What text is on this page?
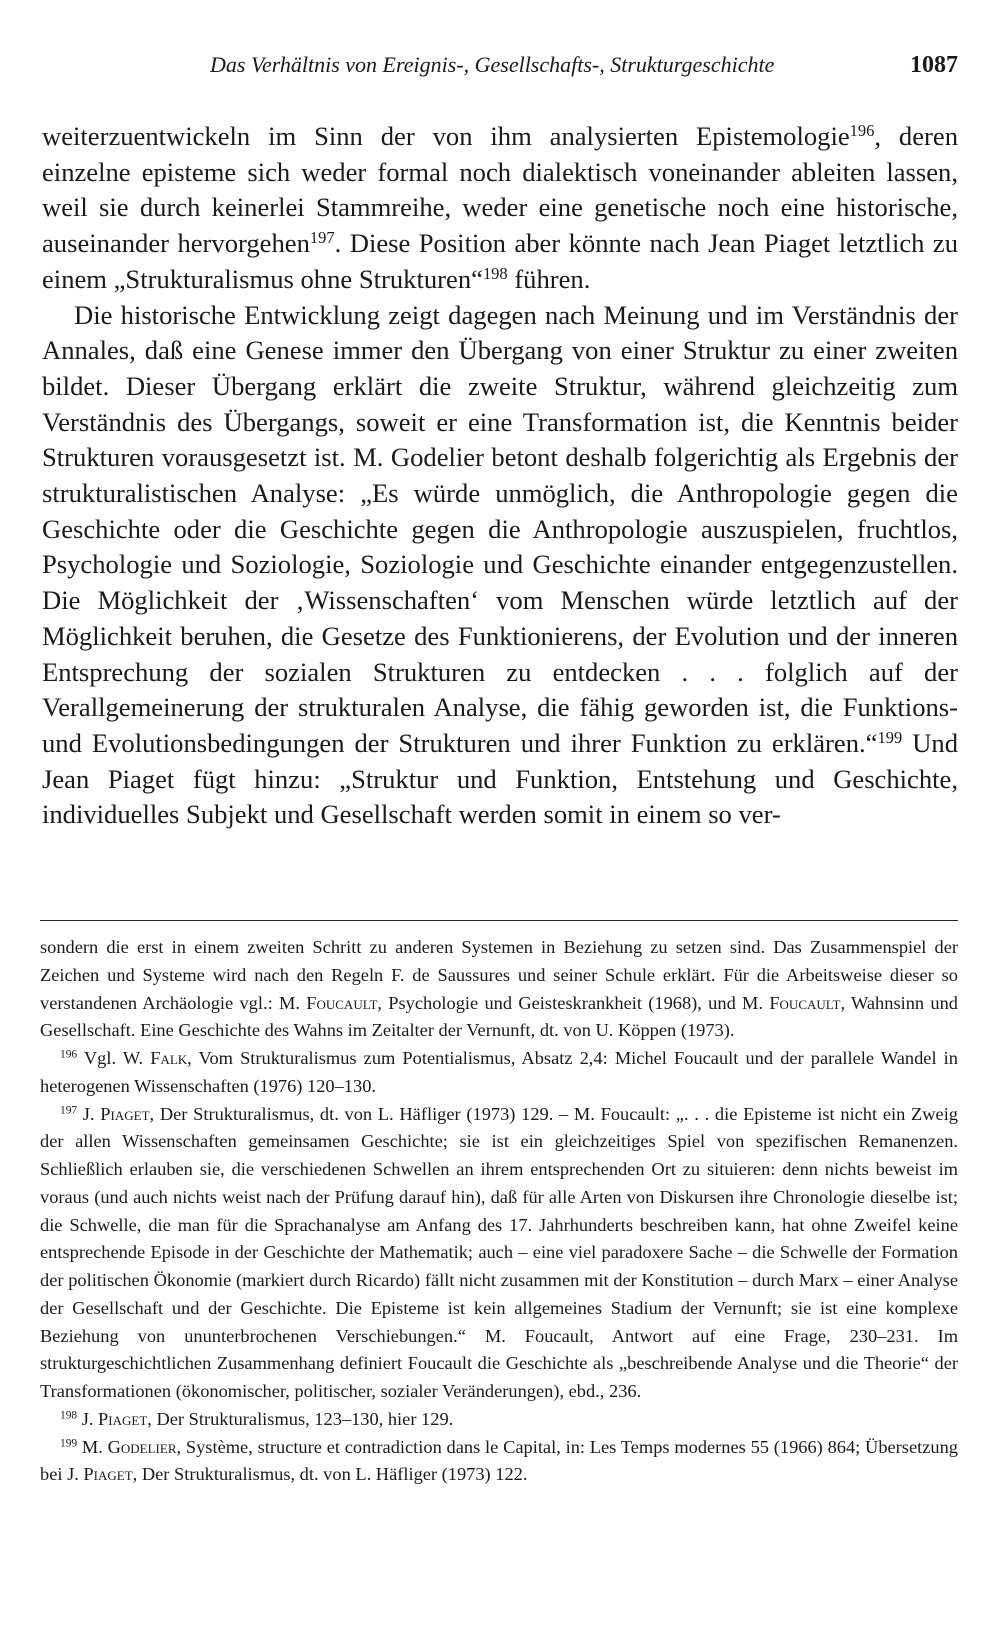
Das Verhältnis von Ereignis-, Gesellschafts-, Strukturgeschichte	1087

weiterzuentwickeln im Sinn der von ihm analysierten Epistemologie$^{196}$, deren einzelne episteme sich weder formal noch dialektisch voneinander ableiten lassen, weil sie durch keinerlei Stammreihe, weder eine genetische noch eine historische, auseinander hervorgehen$^{197}$. Diese Position aber könnte nach Jean Piaget letztlich zu einem „Strukturalismus ohne Strukturen“$^{198}$ führen.

Die historische Entwicklung zeigt dagegen nach Meinung und im Verständnis der Annales, daß eine Genese immer den Übergang von einer Struktur zu einer zweiten bildet. Dieser Übergang erklärt die zweite Struktur, während gleichzeitig zum Verständnis des Übergangs, soweit er eine Transformation ist, die Kenntnis beider Strukturen vorausgesetzt ist. M. Godelier betont deshalb folgerichtig als Ergebnis der strukturalistischen Analyse: „Es würde unmöglich, die Anthropologie gegen die Geschichte oder die Geschichte gegen die Anthropologie auszuspielen, fruchtlos, Psychologie und Soziologie, Soziologie und Geschichte einander entgegenzustellen. Die Möglichkeit der ‚Wissenschaften‘ vom Menschen würde letztlich auf der Möglichkeit beruhen, die Gesetze des Funktionierens, der Evolution und der inneren Entsprechung der sozialen Strukturen zu entdecken . . . folglich auf der Verallgemeinerung der strukturalen Analyse, die fähig geworden ist, die Funktions- und Evolutionsbedingungen der Strukturen und ihrer Funktion zu erklären.“$^{199}$ Und Jean Piaget fügt hinzu: „Struktur und Funktion, Entstehung und Geschichte, individuelles Subjekt und Gesellschaft werden somit in einem so ver-

sondern die erst in einem zweiten Schritt zu anderen Systemen in Beziehung zu setzen sind. Das Zusammenspiel der Zeichen und Systeme wird nach den Regeln F. de Saussures und seiner Schule erklärt. Für die Arbeitsweise dieser so verstandenen Archäologie vgl.: M. Foucault, Psychologie und Geisteskrankheit (1968), und M. Foucault, Wahnsinn und Gesellschaft. Eine Geschichte des Wahns im Zeitalter der Vernunft, dt. von U. Köppen (1973).

$^{196}$ Vgl. W. Falk, Vom Strukturalismus zum Potentialismus, Absatz 2,4: Michel Foucault und der parallele Wandel in heterogenen Wissenschaften (1976) 120–130.

$^{197}$ J. Piaget, Der Strukturalismus, dt. von L. Häfliger (1973) 129. – M. Foucault: „. . . die Episteme ist nicht ein Zweig der allen Wissenschaften gemeinsamen Geschichte; sie ist ein gleichzeitiges Spiel von spezifischen Remanenzen. Schließlich erlauben sie, die verschiedenen Schwellen an ihrem entsprechenden Ort zu situieren: denn nichts beweist im voraus (und auch nichts weist nach der Prüfung darauf hin), daß für alle Arten von Diskursen ihre Chronologie dieselbe ist; die Schwelle, die man für die Sprachanalyse am Anfang des 17. Jahrhunderts beschreiben kann, hat ohne Zweifel keine entsprechende Episode in der Geschichte der Mathematik; auch – eine viel paradoxere Sache – die Schwelle der Formation der politischen Ökonomie (markiert durch Ricardo) fällt nicht zusammen mit der Konstitution – durch Marx – einer Analyse der Gesellschaft und der Geschichte. Die Episteme ist kein allgemeines Stadium der Vernunft; sie ist eine komplexe Beziehung von ununterbrochenen Verschiebungen.“ M. Foucault, Antwort auf eine Frage, 230–231. Im strukturgeschichtlichen Zusammenhang definiert Foucault die Geschichte als „beschreibende Analyse und die Theorie“ der Transformationen (ökonomischer, politischer, sozialer Veränderungen), ebd., 236.

$^{198}$ J. Piaget, Der Strukturalismus, 123–130, hier 129.

$^{199}$ M. Godelier, Système, structure et contradiction dans le Capital, in: Les Temps modernes 55 (1966) 864; Übersetzung bei J. Piaget, Der Strukturalismus, dt. von L. Häfliger (1973) 122.
